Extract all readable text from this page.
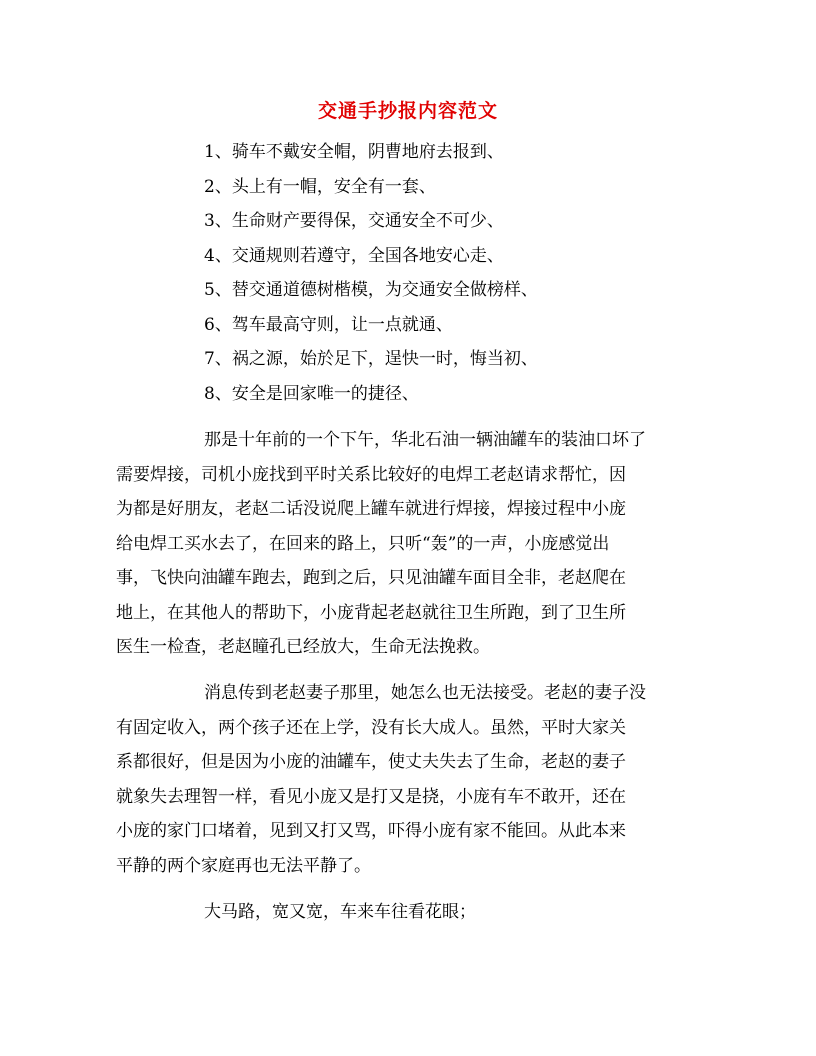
交通手抄报内容范文
1、骑车不戴安全帽，阴曹地府去报到、
2、头上有一帽，安全有一套、
3、生命财产要得保，交通安全不可少、
4、交通规则若遵守，全国各地安心走、
5、替交通道德树楷模，为交通安全做榜样、
6、驾车最高守则，让一点就通、
7、祸之源，始於足下，逞快一时，悔当初、
8、安全是回家唯一的捷径、
那是十年前的一个下午，华北石油一辆油罐车的装油口坏了
需要焊接，司机小庞找到平时关系比较好的电焊工老赵请求帮忙，因
为都是好朋友，老赵二话没说爬上罐车就进行焊接，焊接过程中小庞
给电焊工买水去了，在回来的路上，只听“轰”的一声，小庞感觉出
事，飞快向油罐车跑去，跑到之后，只见油罐车面目全非，老赵爬在
地上，在其他人的帮助下，小庞背起老赵就往卫生所跑，到了卫生所
医生一检查，老赵瞳孔已经放大，生命无法挽救。
消息传到老赵妻子那里，她怎么也无法接受。老赵的妻子没
有固定收入，两个孩子还在上学，没有长大成人。虽然，平时大家关
系都很好，但是因为小庞的油罐车，使丈夫失去了生命，老赵的妻子
就象失去理智一样，看见小庞又是打又是挠，小庞有车不敢开，还在
小庞的家门口堵着，见到又打又骂，吓得小庞有家不能回。从此本来
平静的两个家庭再也无法平静了。
大马路，宽又宽，车来车往看花眼；
